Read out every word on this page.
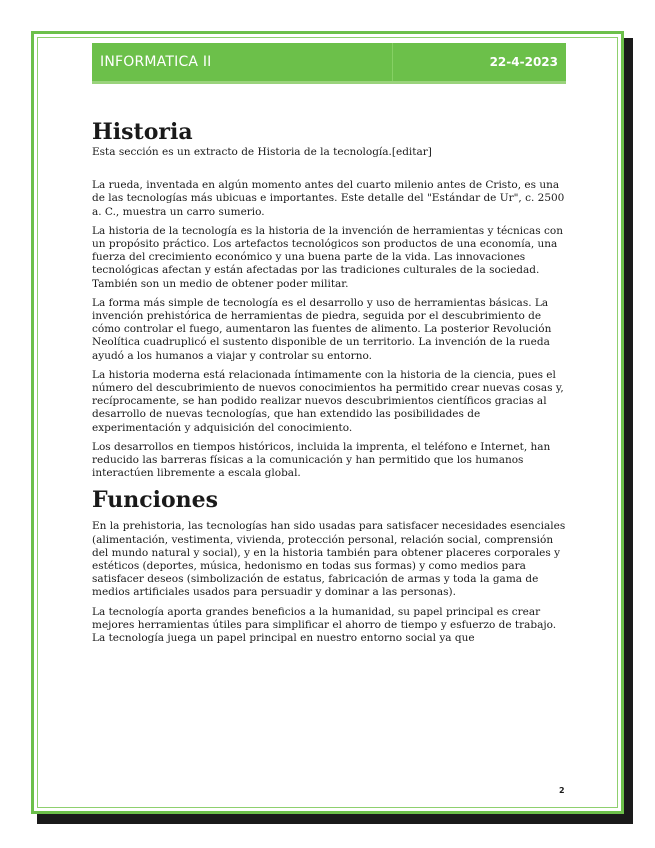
INFORMATICA II	22-4-2023
Historia

Esta sección es un extracto de Historia de la tecnología.[editar]

La rueda, inventada en algún momento antes del cuarto milenio antes de Cristo, es una de las tecnologías más ubicuas e importantes. Este detalle del "Estándar de Ur", c. 2500 a. C., muestra un carro sumerio.

La historia de la tecnología es la historia de la invención de herramientas y técnicas con un propósito práctico. Los artefactos tecnológicos son productos de una economía, una fuerza del crecimiento económico y una buena parte de la vida. Las innovaciones tecnológicas afectan y están afectadas por las tradiciones culturales de la sociedad. También son un medio de obtener poder militar.

La forma más simple de tecnología es el desarrollo y uso de herramientas básicas. La invención prehistórica de herramientas de piedra, seguida por el descubrimiento de cómo controlar el fuego, aumentaron las fuentes de alimento. La posterior Revolución Neolítica cuadruplicó el sustento disponible de un territorio. La invención de la rueda ayudó a los humanos a viajar y controlar su entorno.

La historia moderna está relacionada íntimamente con la historia de la ciencia, pues el número del descubrimiento de nuevos conocimientos ha permitido crear nuevas cosas y, recíprocamente, se han podido realizar nuevos descubrimientos científicos gracias al desarrollo de nuevas tecnologías, que han extendido las posibilidades de experimentación y adquisición del conocimiento.

Los desarrollos en tiempos históricos, incluida la imprenta, el teléfono e Internet, han reducido las barreras físicas a la comunicación y han permitido que los humanos interactúen libremente a escala global.

Funciones

En la prehistoria, las tecnologías han sido usadas para satisfacer necesidades esenciales (alimentación, vestimenta, vivienda, protección personal, relación social, comprensión del mundo natural y social), y en la historia también para obtener placeres corporales y estéticos (deportes, música, hedonismo en todas sus formas) y como medios para satisfacer deseos (simbolización de estatus, fabricación de armas y toda la gama de medios artificiales usados para persuadir y dominar a las personas).

La tecnología aporta grandes beneficios a la humanidad, su papel principal es crear mejores herramientas útiles para simplificar el ahorro de tiempo y esfuerzo de trabajo. La tecnología juega un papel principal en nuestro entorno social ya que

2
